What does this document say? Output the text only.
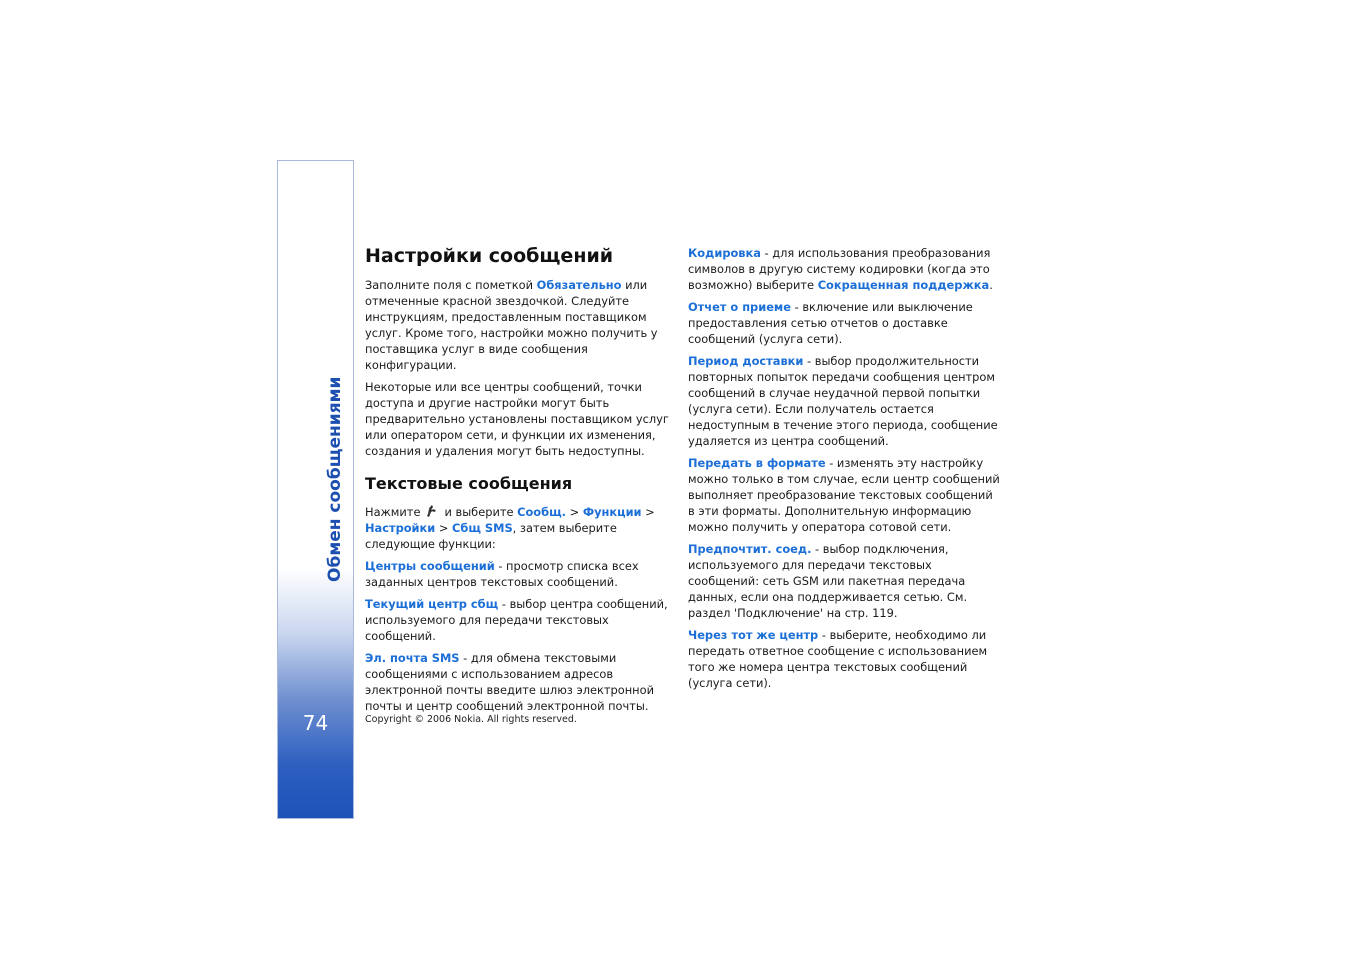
Обмен сообщениями
74
Настройки сообщений

Заполните поля с пометкой Обязательно или отмеченные красной звездочкой. Следуйте инструкциям, предоставленным поставщиком услуг. Кроме того, настройки можно получить у поставщика услуг в виде сообщения конфигурации.

Некоторые или все центры сообщений, точки доступа и другие настройки могут быть предварительно установлены поставщиком услуг или оператором сети, и функции их изменения, создания и удаления могут быть недоступны.

Текстовые сообщения

Нажмите и выберите Сообщ. > Функции > Настройки > Сбщ SMS, затем выберите следующие функции:

Центры сообщений - просмотр списка всех заданных центров текстовых сообщений.

Текущий центр сбщ - выбор центра сообщений, используемого для передачи текстовых сообщений.

Эл. почта SMS - для обмена текстовыми сообщениями с использованием адресов электронной почты введите шлюз электронной почты и центр сообщений электронной почты.

Кодировка - для использования преобразования символов в другую систему кодировки (когда это возможно) выберите Сокращенная поддержка.

Отчет о приеме - включение или выключение предоставления сетью отчетов о доставке сообщений (услуга сети).

Период доставки - выбор продолжительности повторных попыток передачи сообщения центром сообщений в случае неудачной первой попытки (услуга сети). Если получатель остается недоступным в течение этого периода, сообщение удаляется из центра сообщений.

Передать в формате - изменять эту настройку можно только в том случае, если центр сообщений выполняет преобразование текстовых сообщений в эти форматы. Дополнительную информацию можно получить у оператора сотовой сети.

Предпочтит. соед. - выбор подключения, используемого для передачи текстовых сообщений: сеть GSM или пакетная передача данных, если она поддерживается сетью. См. раздел 'Подключение' на стр. 119.

Через тот же центр - выберите, необходимо ли передать ответное сообщение с использованием того же номера центра текстовых сообщений (услуга сети).

Copyright © 2006 Nokia. All rights reserved.
